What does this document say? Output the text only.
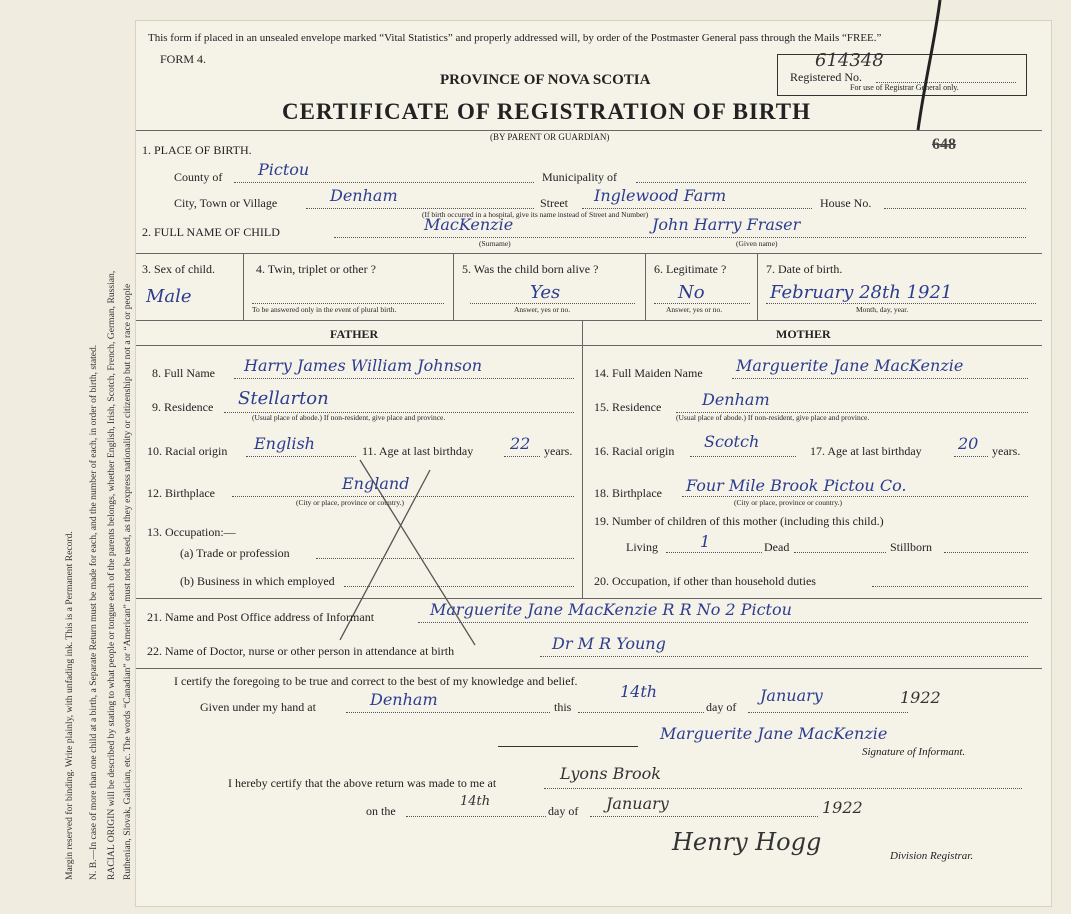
Margin reserved for binding. Write plainly, with unfading ink. This is a Permanent Record. N. B.—In case of more than one child at a birth, a Separate Return must be made for each, and the number of each, in order of birth, stated. RACIAL ORIGIN will be described by stating to what people or tongue each of the parents belongs, whether English, Irish, Scotch, French, German, Russian, Ruthenian, Slovak, Galician, etc. The words “Canadian” or “American” must not be used, as they express nationality or citizenship but not a race or people
This form if placed in an unsealed envelope marked “Vital Statistics” and properly addressed will, by order of the Postmaster General pass through the Mails “FREE.”
FORM 4.
PROVINCE OF NOVA SCOTIA
CERTIFICATE OF REGISTRATION OF BIRTH
(BY PARENT OR GUARDIAN)
614348
Registered No.
For use of Registrar General only.
648
1. PLACE OF BIRTH.
County of Pictou	Municipality of
City, Town or Village	Denham	Street Inglewood Farm	House No.
(If birth occurred in a hospital, give its name instead of Street and Number)
2. FULL NAME OF CHILD	MacKenzie	John Harry Fraser
(Surname)	(Given name)
3. Sex of child.
Male
4. Twin, triplet or other ?
To be answered only in the event of plural birth.
5. Was the child born alive ?
Yes
Answer, yes or no.
6. Legitimate ?
No
Answer, yes or no.
7. Date of birth.
February 28th 1921
Month, day, year.
FATHER	MOTHER
8. Full Name Harry James William Johnson
9. Residence Stellarton
(Usual place of abode.) If non-resident, give place and province.
10. Racial origin English	11. Age at last birthday 22 years.
12. Birthplace	England
(City or place, province or country.)
13. Occupation:—
(a) Trade or profession
(b) Business in which employed
14. Full Maiden Name Marguerite Jane MacKenzie
15. Residence	Denham
(Usual place of abode.) If non-resident, give place and province.
16. Racial origin Scotch	17. Age at last birthday 20 years.
18. Birthplace Four Mile Brook Pictou Co.
(City or place, province or country.)
19. Number of children of this mother (including this child.)
Living	1	Dead	Stillborn
20. Occupation, if other than household duties
21. Name and Post Office address of Informant	Marguerite Jane MacKenzie R R No 2 Pictou
22. Name of Doctor, nurse or other person in attendance at birth	Dr M R Young
I certify the foregoing to be true and correct to the best of my knowledge and belief.
Given under my hand at	Denham	this
14th
day of
January	1922
Marguerite Jane MacKenzie
Signature of Informant.
I hereby certify that the above return was made to me at	Lyons Brook
on the
14th
day of January	1922
Henry Hogg	Division Registrar.
